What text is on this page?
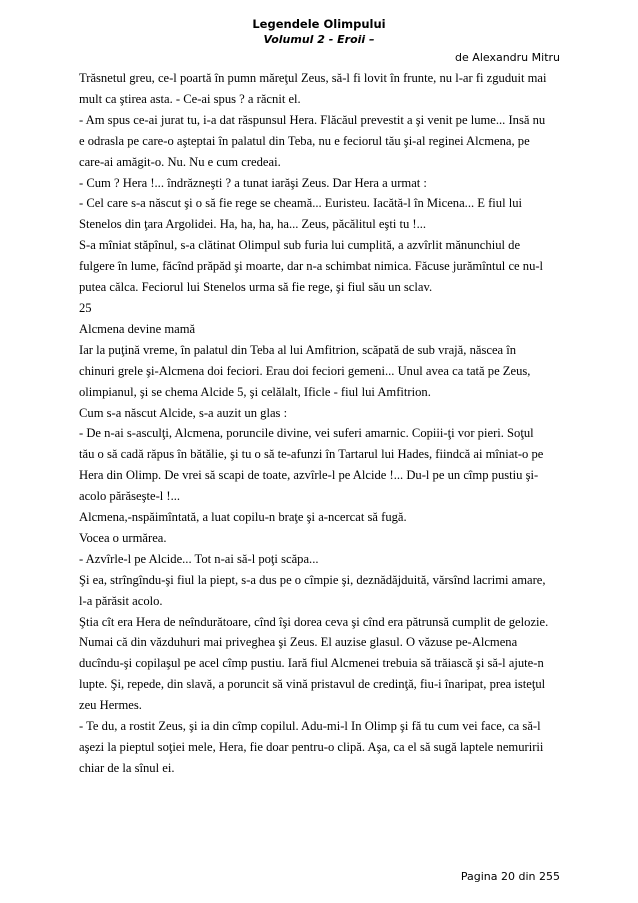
Legendele Olimpului
Volumul 2 - Eroii –
de Alexandru Mitru

Trăsnetul greu, ce-l poartă în pumn măreţul Zeus, să-l fi lovit în frunte, nu l-ar fi zguduit mai

mult ca ştirea asta. - Ce-ai spus ? a răcnit el.

- Am spus ce-ai jurat tu, i-a dat răspunsul Hera. Flăcăul prevestit a şi venit pe lume... Insă nu

e odrasla pe care-o aşteptai în palatul din Teba, nu e feciorul tău şi-al reginei Alcmena, pe

care-ai amăgit-o. Nu. Nu e cum credeai.

- Cum ? Hera !... îndrăzneşti ? a tunat iarăşi Zeus. Dar Hera a urmat :

- Cel care s-a născut şi o să fie rege se cheamă... Euristeu. Iacătă-l în Micena... E fiul lui

Stenelos din ţara Argolidei. Ha, ha, ha, ha... Zeus, păcălitul eşti tu !...

S-a mîniat stăpînul, s-a clătinat Olimpul sub furia lui cumplită, a azvîrlit mănunchiul de

fulgere în lume, făcînd prăpăd şi moarte, dar n-a schimbat nimica. Făcuse jurămîntul ce nu-l

putea călca. Feciorul lui Stenelos urma să fie rege, şi fiul său un sclav.

25

Alcmena devine mamă

Iar la puţină vreme, în palatul din Teba al lui Amfitrion, scăpată de sub vrajă, născea în

chinuri grele şi-Alcmena doi feciori. Erau doi feciori gemeni... Unul avea ca tată pe Zeus,

olimpianul, şi se chema Alcide 5, şi celălalt, Ificle - fiul lui Amfitrion.

Cum s-a născut Alcide, s-a auzit un glas :

- De n-ai s-asculţi, Alcmena, poruncile divine, vei suferi amarnic. Copiii-ţi vor pieri. Soţul

tău o să cadă răpus în bătălie, şi tu o să te-afunzi în Tartarul lui Hades, fiindcă ai mîniat-o pe

Hera din Olimp. De vrei să scapi de toate, azvîrle-l pe Alcide !... Du-l pe un cîmp pustiu şi-

acolo părăseşte-l !...

Alcmena,-nspăimîntată, a luat copilu-n braţe şi a-ncercat să fugă.

Vocea o urmărea.

- Azvîrle-l pe Alcide... Tot n-ai să-l poţi scăpa...

Şi ea, strîngîndu-şi fiul la piept, s-a dus pe o cîmpie şi, deznădăjduită, vărsînd lacrimi amare,

l-a părăsit acolo.

Ştia cît era Hera de neîndurătoare, cînd îşi dorea ceva şi cînd era pătrunsă cumplit de gelozie.

Numai că din văzduhuri mai priveghea şi Zeus. El auzise glasul. O văzuse pe-Alcmena

ducîndu-şi copilaşul pe acel cîmp pustiu. Iară fiul Alcmenei trebuia să trăiască şi să-l ajute-n

lupte. Şi, repede, din slavă, a poruncit să vină pristavul de credinţă, fiu-i înaripat, prea isteţul

zeu Hermes.

- Te du, a rostit Zeus, şi ia din cîmp copilul. Adu-mi-l In Olimp şi fă tu cum vei face, ca să-l

aşezi la pieptul soţiei mele, Hera, fie doar pentru-o clipă. Aşa, ca el să sugă laptele nemuririi

chiar de la sînul ei.

Pagina 20 din 255
